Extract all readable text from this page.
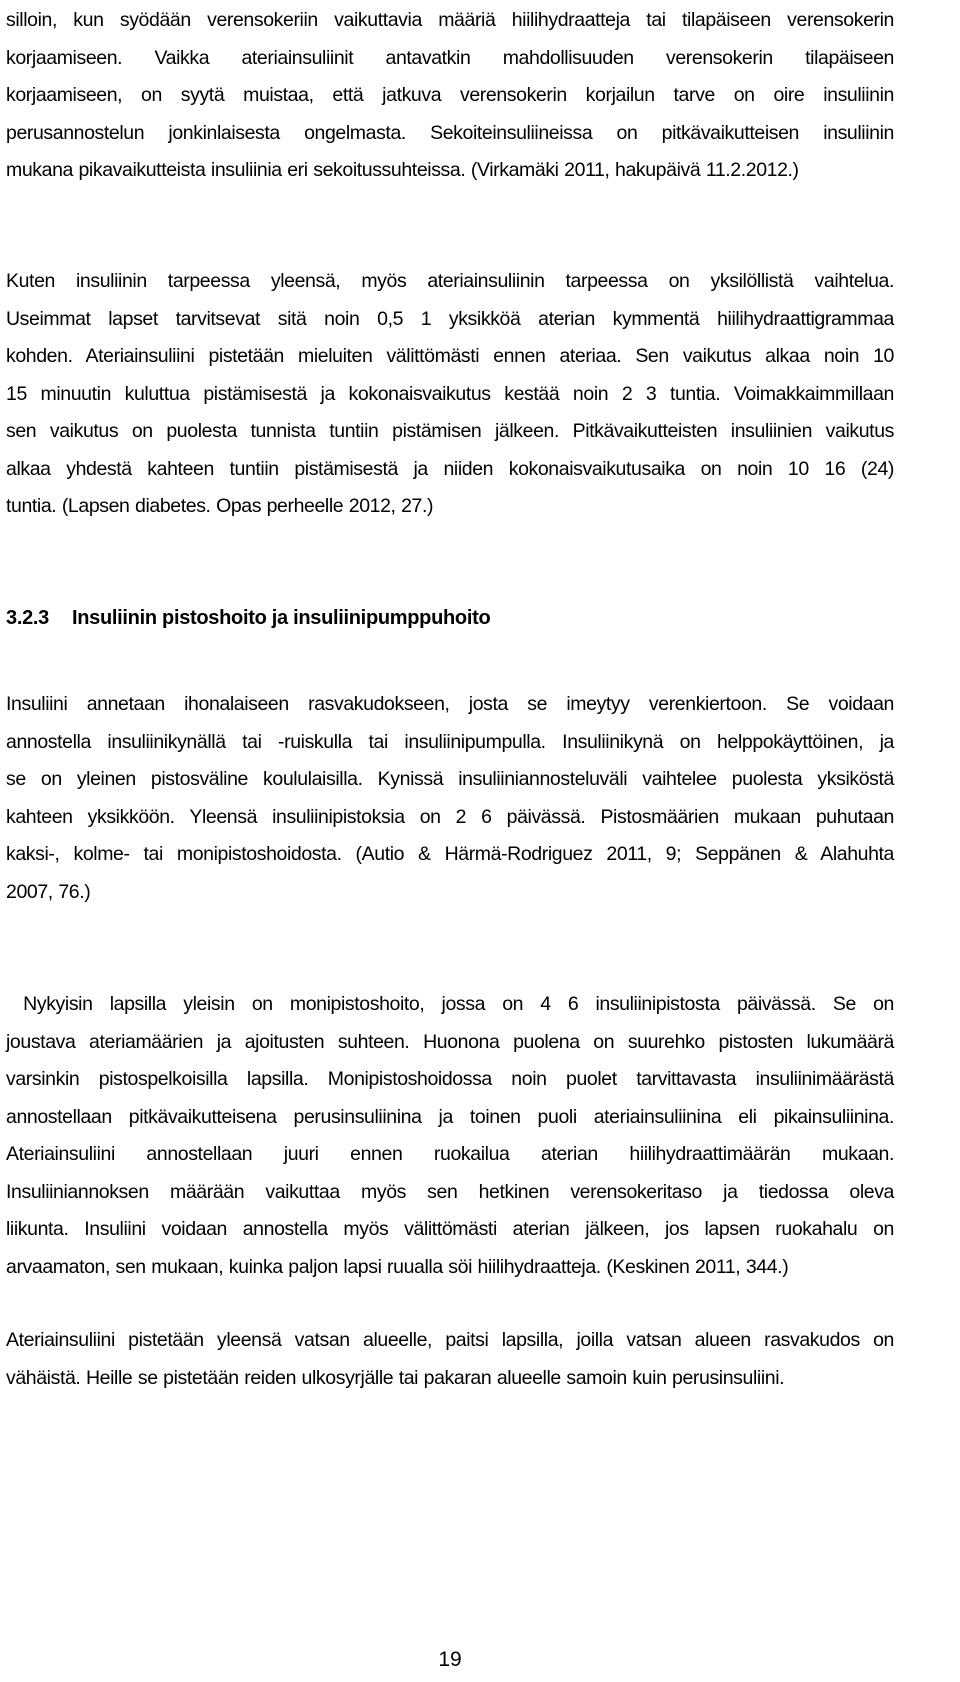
silloin, kun syödään verensokeriin vaikuttavia määriä hiilihydraatteja tai tilapäiseen verensokerin
korjaamiseen. Vaikka ateriainsuliinit antavatkin mahdollisuuden verensokerin tilapäiseen
korjaamiseen, on syytä muistaa, että jatkuva verensokerin korjailun tarve on oire insuliinin
perusannostelun jonkinlaisesta ongelmasta. Sekoiteinsuliineissa on pitkävaikutteisen insuliinin
mukana pikavaikutteista insuliinia eri sekoitussuhteissa. (Virkamäki 2011, hakupäivä 11.2.2012.)
Kuten insuliinin tarpeessa yleensä, myös ateriainsuliinin tarpeessa on yksilöllistä vaihtelua.
Useimmat lapset tarvitsevat sitä noin 0,5 1 yksikköä aterian kymmentä hiilihydraattigrammaa
kohden. Ateriainsuliini pistetään mieluiten välittömästi ennen ateriaa. Sen vaikutus alkaa noin 10
15 minuutin kuluttua pistämisestä ja kokonaisvaikutus kestää noin 2 3 tuntia. Voimakkaimmillaan
sen vaikutus on puolesta tunnista tuntiin pistämisen jälkeen. Pitkävaikutteisten insuliinien vaikutus
alkaa yhdestä kahteen tuntiin pistämisestä ja niiden kokonaisvaikutusaika on noin 10 16 (24)
tuntia. (Lapsen diabetes. Opas perheelle 2012, 27.)
3.2.3 Insuliinin pistoshoito ja insuliinipumppuhoito
Insuliini annetaan ihonalaiseen rasvakudokseen, josta se imeytyy verenkiertoon. Se voidaan
annostella insuliinikynällä tai -ruiskulla tai insuliinipumpulla. Insuliinikynä on helppokäyttöinen, ja
se on yleinen pistosväline koululaisilla. Kynissä insuliiniannosteluväli vaihtelee puolesta yksiköstä
kahteen yksikköön. Yleensä insuliinipistoksia on 2 6 päivässä. Pistosmäärien mukaan puhutaan
kaksi-, kolme- tai monipistoshoidosta. (Autio & Härmä-Rodriguez 2011, 9; Seppänen & Alahuhta
2007, 76.)
Nykyisin lapsilla yleisin on monipistoshoito, jossa on 4 6 insuliinipistosta päivässä. Se on
joustava ateriamäärien ja ajoitusten suhteen. Huonona puolena on suurehko pistosten lukumäärä
varsinkin pistospelkoisilla lapsilla. Monipistoshoidossa noin puolet tarvittavasta insuliinimäärästä
annostellaan pitkävaikutteisena perusinsuliinina ja toinen puoli ateriainsuliinina eli pikainsuliinina.
Ateriainsuliini annostellaan juuri ennen ruokailua aterian hiilihydraattimäärän mukaan.
Insuliiniannoksen määrään vaikuttaa myös sen hetkinen verensokeritaso ja tiedossa oleva
liikunta. Insuliini voidaan annostella myös välittömästi aterian jälkeen, jos lapsen ruokahalu on
arvaamaton, sen mukaan, kuinka paljon lapsi ruualla söi hiilihydraatteja. (Keskinen 2011, 344.)
Ateriainsuliini pistetään yleensä vatsan alueelle, paitsi lapsilla, joilla vatsan alueen rasvakudos on
vähäistä. Heille se pistetään reiden ulkosyrjälle tai pakaran alueelle samoin kuin perusinsuliini.
19
